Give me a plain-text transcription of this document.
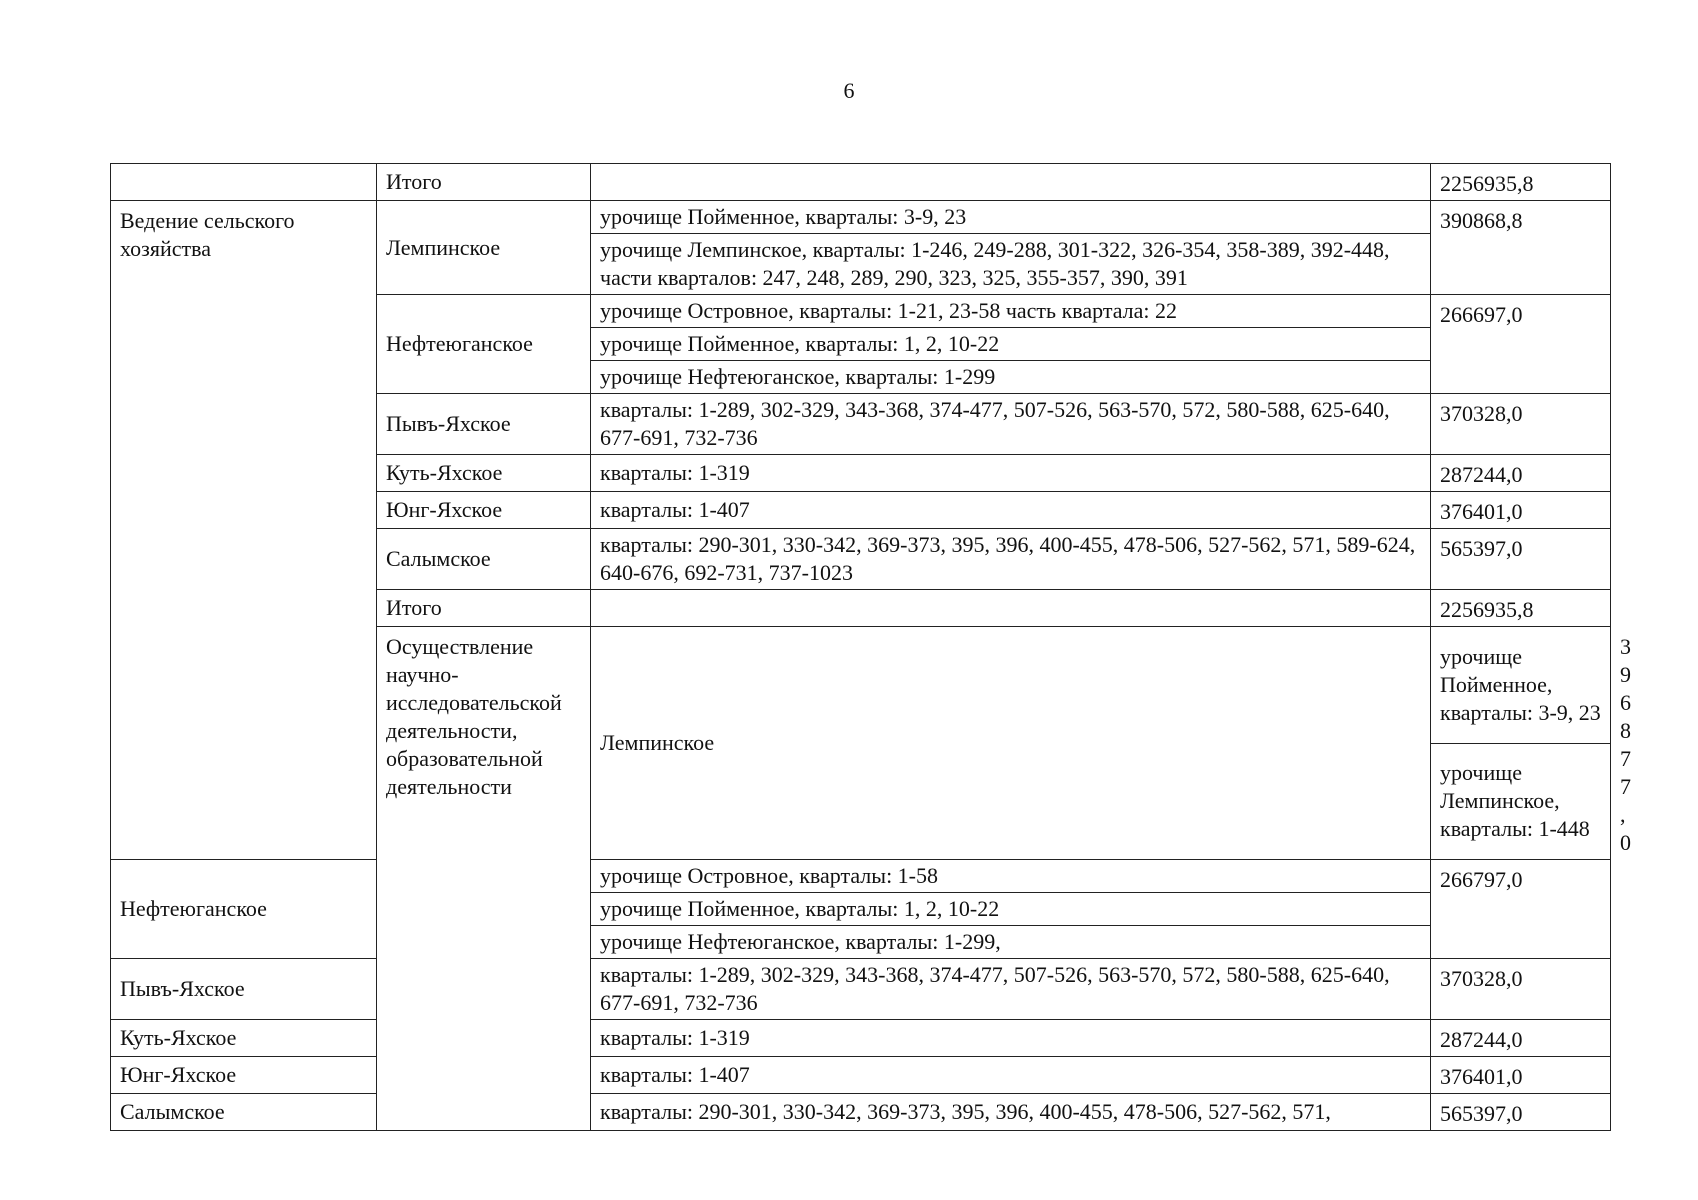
6
	Итого		2256935,8	
Ведение сельского хозяйства	Лемпинское	урочище Пойменное, кварталы: 3-9, 23	390868,8	
		урочище Лемпинское, кварталы: 1-246, 249-288, 301-322, 326-354, 358-389, 392-448, части кварталов: 247, 248, 289, 290, 323, 325, 355-357, 390, 391		
	Нефтеюганское	урочище Островное, кварталы: 1-21, 23-58 часть квартала: 22	266697,0	
		урочище Пойменное, кварталы: 1, 2, 10-22		
		урочище Нефтеюганское, кварталы: 1-299		
	Пывъ-Яхское	кварталы: 1-289, 302-329, 343-368, 374-477, 507-526, 563-570, 572, 580-588, 625-640, 677-691, 732-736	370328,0	
	Куть-Яхское	кварталы: 1-319	287244,0	
	Юнг-Яхское	кварталы: 1-407	376401,0	
	Салымское	кварталы: 290-301, 330-342, 369-373, 395, 396, 400-455, 478-506, 527-562, 571, 589-624, 640-676, 692-731, 737-1023	565397,0	
	Итого		2256935,8	
	Осуществление научно-исследовательской деятельности, образовательной деятельности	Лемпинское	урочище Пойменное, кварталы: 3-9, 23	396877,0
			урочище Лемпинское, кварталы: 1-448	
Нефтеюганское		урочище Островное, кварталы: 1-58	266797,0	
		урочище Пойменное, кварталы: 1, 2, 10-22		
		урочище Нефтеюганское, кварталы: 1-299,		
Пывъ-Яхское		кварталы: 1-289, 302-329, 343-368, 374-477, 507-526, 563-570, 572, 580-588, 625-640, 677-691, 732-736	370328,0	
Куть-Яхское		кварталы: 1-319	287244,0	
Юнг-Яхское		кварталы: 1-407	376401,0	
Салымское		кварталы: 290-301, 330-342, 369-373, 395, 396, 400-455, 478-506, 527-562, 571,	565397,0	
